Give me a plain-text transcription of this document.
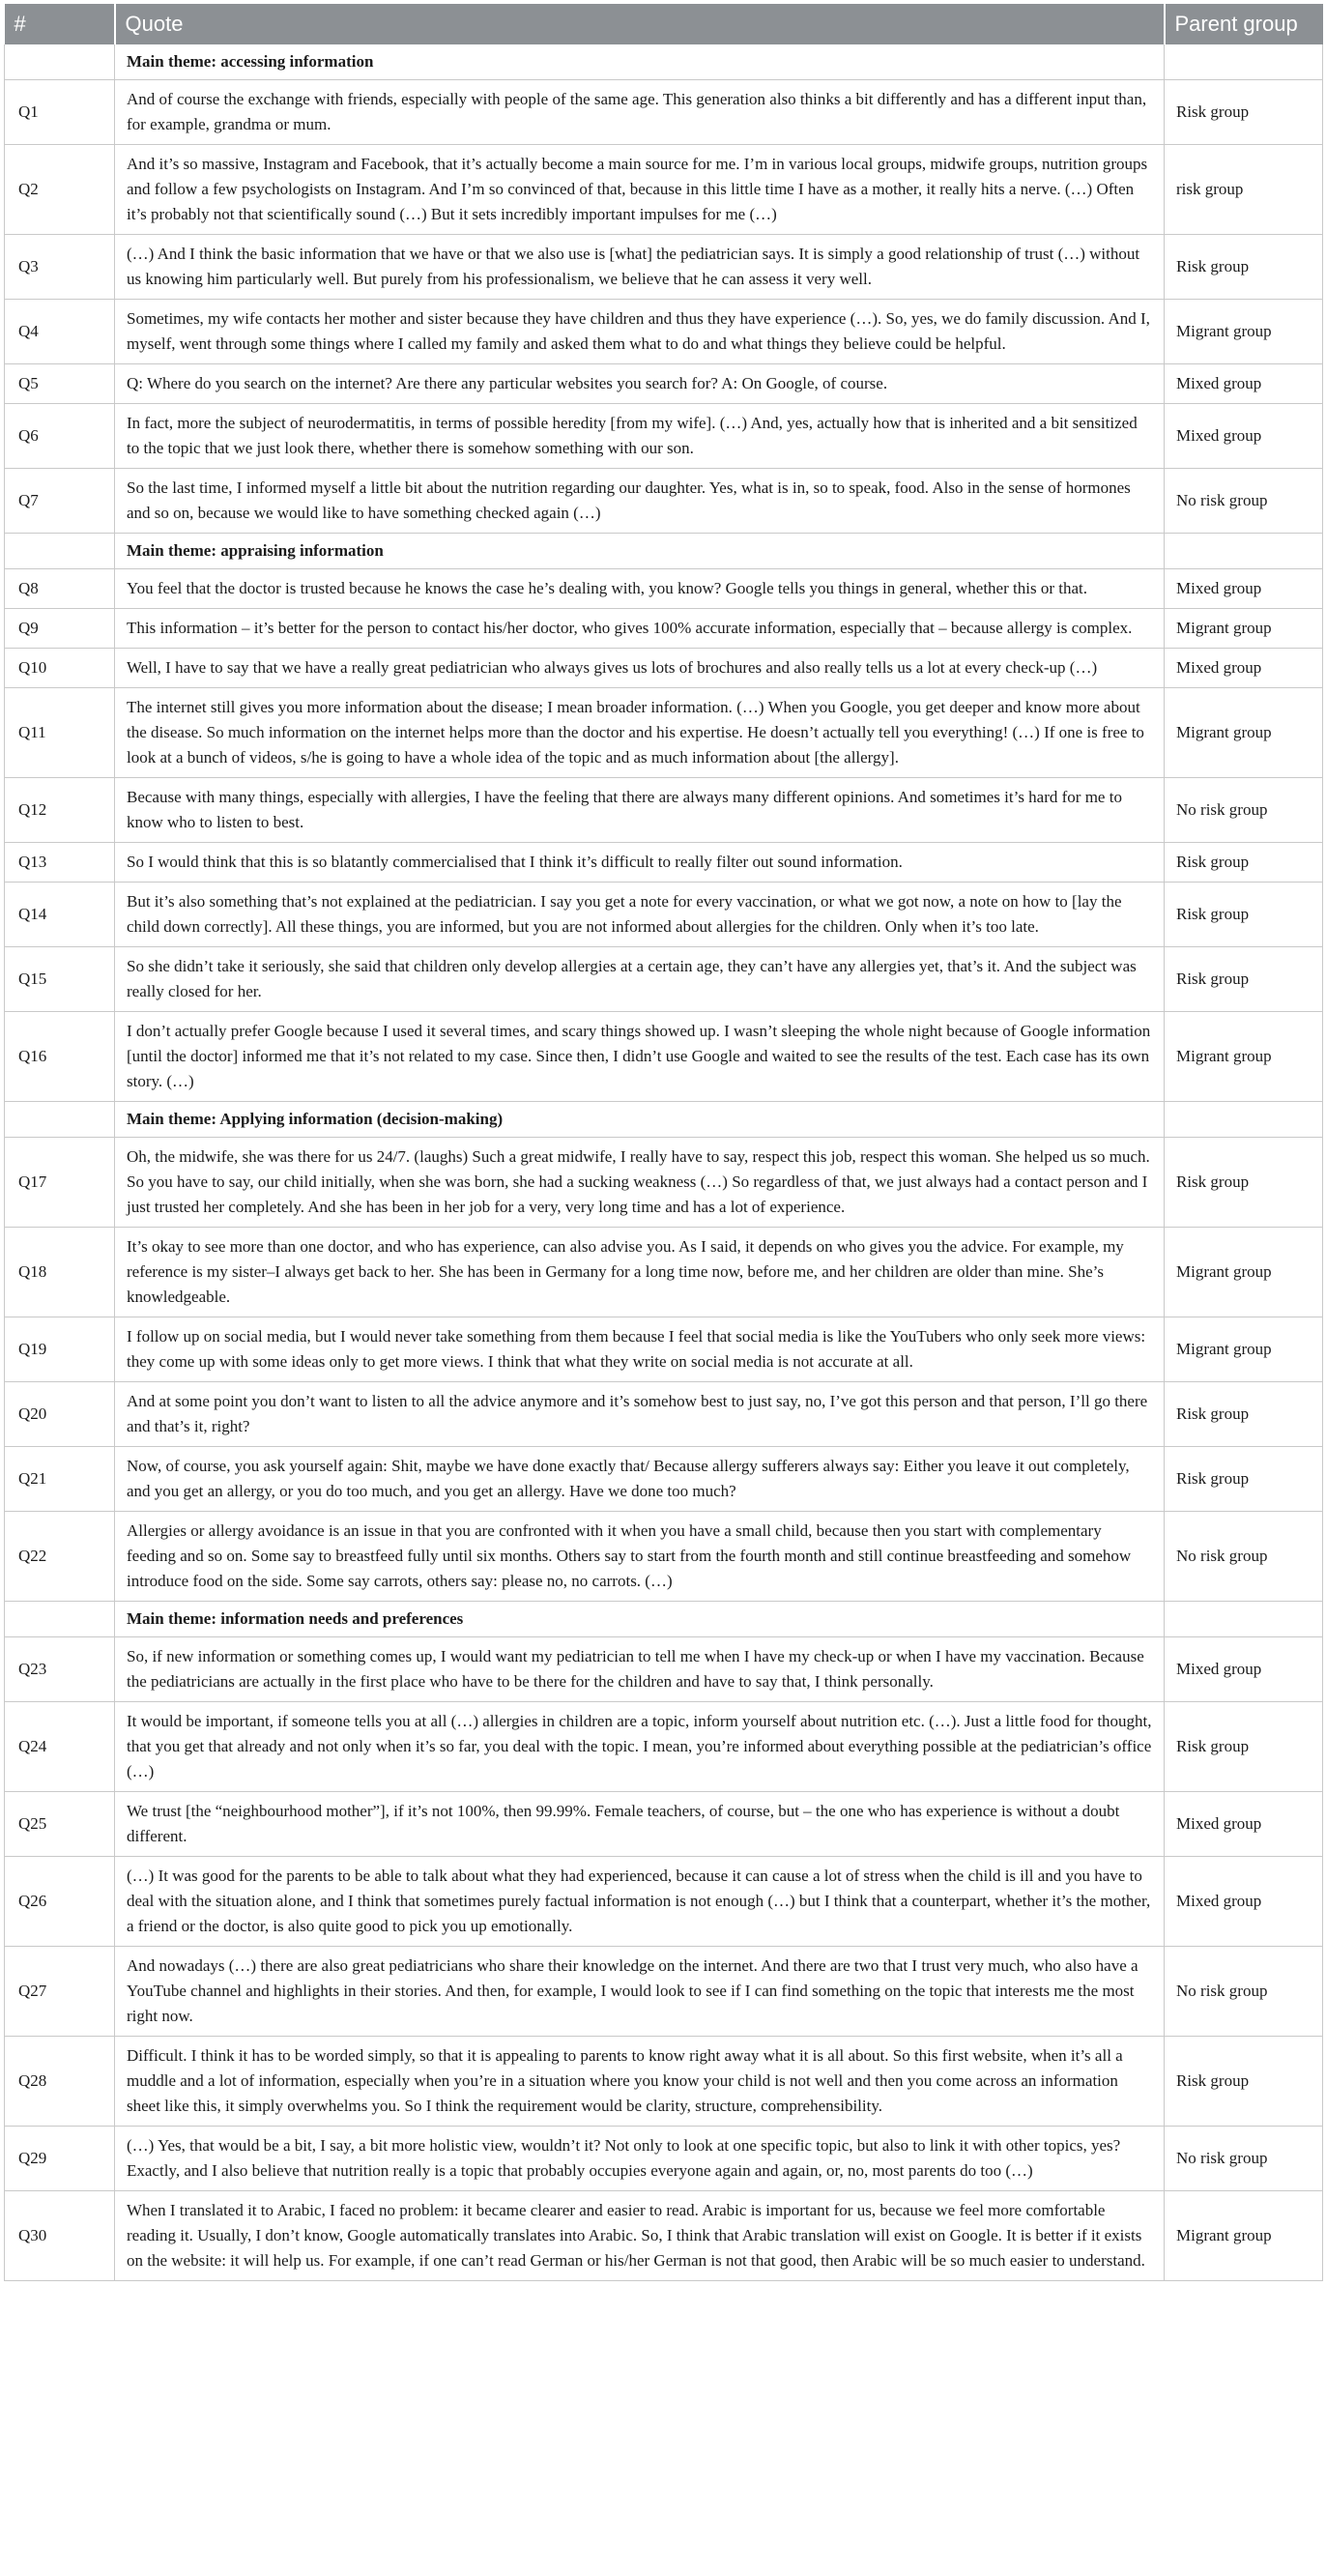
#	Quote	Parent group
	Main theme: accessing information	
Q1	And of course the exchange with friends, especially with people of the same age. This generation also thinks a bit differently and has a different input than, for example, grandma or mum.	Risk group
Q2	And it’s so massive, Instagram and Facebook, that it’s actually become a main source for me. I’m in various local groups, midwife groups, nutrition groups and follow a few psychologists on Instagram. And I’m so convinced of that, because in this little time I have as a mother, it really hits a nerve. (…) Often it’s probably not that scientifically sound (…) But it sets incredibly important impulses for me (…)	risk group
Q3	(…) And I think the basic information that we have or that we also use is [what] the pediatrician says. It is simply a good relationship of trust (…) without us knowing him particularly well. But purely from his professionalism, we believe that he can assess it very well.	Risk group
Q4	Sometimes, my wife contacts her mother and sister because they have children and thus they have experience (…). So, yes, we do family discussion. And I, myself, went through some things where I called my family and asked them what to do and what things they believe could be helpful.	Migrant group
Q5	Q: Where do you search on the internet? Are there any particular websites you search for? A: On Google, of course.	Mixed group
Q6	In fact, more the subject of neurodermatitis, in terms of possible heredity [from my wife]. (…) And, yes, actually how that is inherited and a bit sensitized to the topic that we just look there, whether there is somehow something with our son.	Mixed group
Q7	So the last time, I informed myself a little bit about the nutrition regarding our daughter. Yes, what is in, so to speak, food. Also in the sense of hormones and so on, because we would like to have something checked again (…)	No risk group
	Main theme: appraising information	
Q8	You feel that the doctor is trusted because he knows the case he’s dealing with, you know? Google tells you things in general, whether this or that.	Mixed group
Q9	This information – it’s better for the person to contact his/her doctor, who gives 100% accurate information, especially that – because allergy is complex.	Migrant group
Q10	Well, I have to say that we have a really great pediatrician who always gives us lots of brochures and also really tells us a lot at every check-up (…)	Mixed group
Q11	The internet still gives you more information about the disease; I mean broader information. (…) When you Google, you get deeper and know more about the disease. So much information on the internet helps more than the doctor and his expertise. He doesn’t actually tell you everything! (…) If one is free to look at a bunch of videos, s/he is going to have a whole idea of the topic and as much information about [the allergy].	Migrant group
Q12	Because with many things, especially with allergies, I have the feeling that there are always many different opinions. And sometimes it’s hard for me to know who to listen to best.	No risk group
Q13	So I would think that this is so blatantly commercialised that I think it’s difficult to really filter out sound information.	Risk group
Q14	But it’s also something that’s not explained at the pediatrician. I say you get a note for every vaccination, or what we got now, a note on how to [lay the child down correctly]. All these things, you are informed, but you are not informed about allergies for the children. Only when it’s too late.	Risk group
Q15	So she didn’t take it seriously, she said that children only develop allergies at a certain age, they can’t have any allergies yet, that’s it. And the subject was really closed for her.	Risk group
Q16	I don’t actually prefer Google because I used it several times, and scary things showed up. I wasn’t sleeping the whole night because of Google information [until the doctor] informed me that it’s not related to my case. Since then, I didn’t use Google and waited to see the results of the test. Each case has its own story. (…)	Migrant group
	Main theme: Applying information (decision-making)	
Q17	Oh, the midwife, she was there for us 24/7. (laughs) Such a great midwife, I really have to say, respect this job, respect this woman. She helped us so much. So you have to say, our child initially, when she was born, she had a sucking weakness (…) So regardless of that, we just always had a contact person and I just trusted her completely. And she has been in her job for a very, very long time and has a lot of experience.	Risk group
Q18	It’s okay to see more than one doctor, and who has experience, can also advise you. As I said, it depends on who gives you the advice. For example, my reference is my sister–I always get back to her. She has been in Germany for a long time now, before me, and her children are older than mine. She’s knowledgeable.	Migrant group
Q19	I follow up on social media, but I would never take something from them because I feel that social media is like the YouTubers who only seek more views: they come up with some ideas only to get more views. I think that what they write on social media is not accurate at all.	Migrant group
Q20	And at some point you don’t want to listen to all the advice anymore and it’s somehow best to just say, no, I’ve got this person and that person, I’ll go there and that’s it, right?	Risk group
Q21	Now, of course, you ask yourself again: Shit, maybe we have done exactly that/ Because allergy sufferers always say: Either you leave it out completely, and you get an allergy, or you do too much, and you get an allergy. Have we done too much?	Risk group
Q22	Allergies or allergy avoidance is an issue in that you are confronted with it when you have a small child, because then you start with complementary feeding and so on. Some say to breastfeed fully until six months. Others say to start from the fourth month and still continue breastfeeding and somehow introduce food on the side. Some say carrots, others say: please no, no carrots. (…)	No risk group
	Main theme: information needs and preferences	
Q23	So, if new information or something comes up, I would want my pediatrician to tell me when I have my check-up or when I have my vaccination. Because the pediatricians are actually in the first place who have to be there for the children and have to say that, I think personally.	Mixed group
Q24	It would be important, if someone tells you at all (…) allergies in children are a topic, inform yourself about nutrition etc. (…). Just a little food for thought, that you get that already and not only when it’s so far, you deal with the topic. I mean, you’re informed about everything possible at the pediatrician’s office (…)	Risk group
Q25	We trust [the “neighbourhood mother”], if it’s not 100%, then 99.99%. Female teachers, of course, but – the one who has experience is without a doubt different.	Mixed group
Q26	(…) It was good for the parents to be able to talk about what they had experienced, because it can cause a lot of stress when the child is ill and you have to deal with the situation alone, and I think that sometimes purely factual information is not enough (…) but I think that a counterpart, whether it’s the mother, a friend or the doctor, is also quite good to pick you up emotionally.	Mixed group
Q27	And nowadays (…) there are also great pediatricians who share their knowledge on the internet. And there are two that I trust very much, who also have a YouTube channel and highlights in their stories. And then, for example, I would look to see if I can find something on the topic that interests me the most right now.	No risk group
Q28	Difficult. I think it has to be worded simply, so that it is appealing to parents to know right away what it is all about. So this first website, when it’s all a muddle and a lot of information, especially when you’re in a situation where you know your child is not well and then you come across an information sheet like this, it simply overwhelms you. So I think the requirement would be clarity, structure, comprehensibility.	Risk group
Q29	(…) Yes, that would be a bit, I say, a bit more holistic view, wouldn’t it? Not only to look at one specific topic, but also to link it with other topics, yes? Exactly, and I also believe that nutrition really is a topic that probably occupies everyone again and again, or, no, most parents do too (…)	No risk group
Q30	When I translated it to Arabic, I faced no problem: it became clearer and easier to read. Arabic is important for us, because we feel more comfortable reading it. Usually, I don’t know, Google automatically translates into Arabic. So, I think that Arabic translation will exist on Google. It is better if it exists on the website: it will help us. For example, if one can’t read German or his/her German is not that good, then Arabic will be so much easier to understand.	Migrant group
